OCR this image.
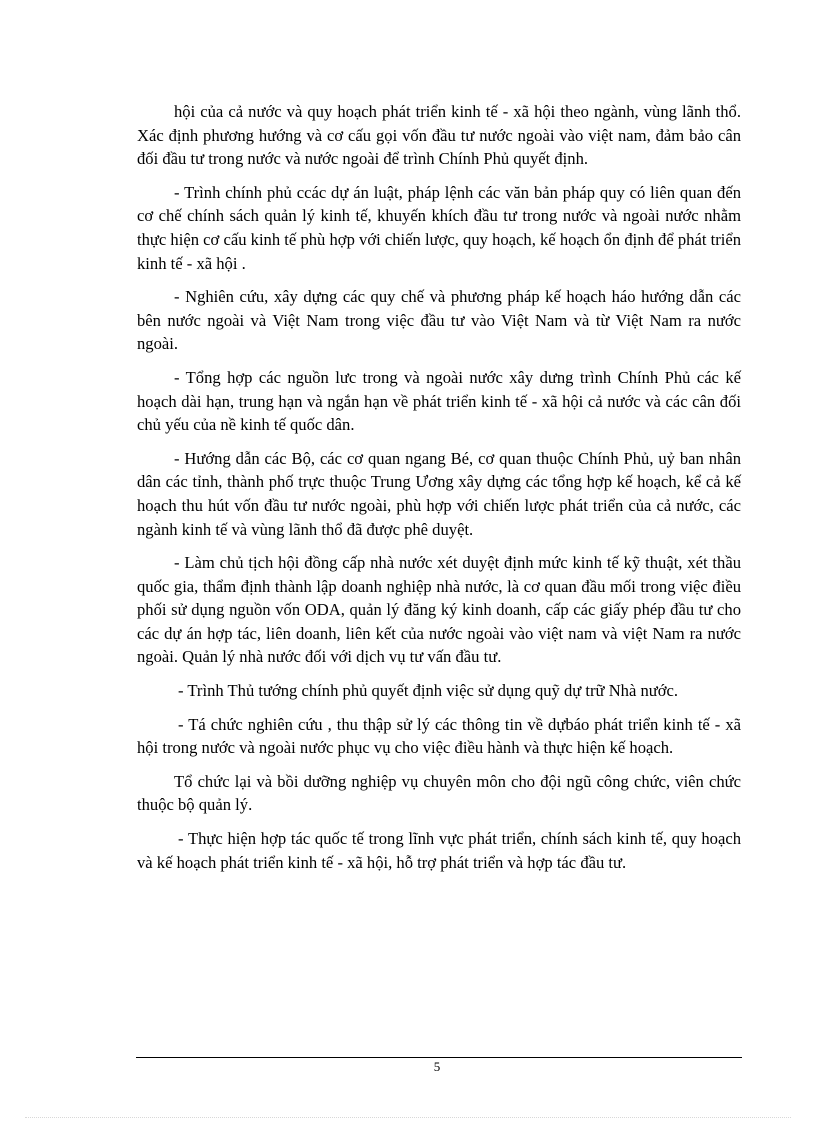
hội của cả nước và quy hoạch phát triển kinh tế - xã hội theo ngành, vùng lãnh thổ. Xác định phương hướng và cơ cấu gọi vốn đầu tư nước ngoài vào việt nam, đảm bảo cân đối đầu tư trong nước và nước ngoài để trình Chính Phủ quyết định.

- Trình chính phủ ccác dự án luật, pháp lệnh các văn bản pháp quy có liên quan đến cơ chế chính sách quản lý kinh tế, khuyến khích đầu tư trong nước và ngoài nước nhằm thực hiện cơ cấu kinh tế phù hợp với chiến lược, quy hoạch, kế hoạch ổn định để phát triển kinh tế - xã hội .

- Nghiên cứu, xây dựng các quy chế và phương pháp kế hoạch háo hướng dẫn các bên nước ngoài và Việt Nam trong việc đầu tư vào Việt Nam và từ Việt Nam ra nước ngoài.

- Tổng hợp các nguồn lưc trong và ngoài nước xây dưng trình Chính Phủ các kế hoạch dài hạn, trung hạn và ngắn hạn về phát triển kinh tế - xã hội cả nước và các cân đối chủ yếu của nề kinh tế quốc dân.

- Hướng dẫn các Bộ, các cơ quan ngang Bé, cơ quan thuộc Chính Phủ, uỷ ban nhân dân các tỉnh, thành phố trực thuộc Trung Ương xây dựng các tổng hợp kế hoạch, kể cả kế hoạch thu hút vốn đầu tư nước ngoài, phù hợp với chiến lược phát triển của cả nước, các ngành kinh tế và vùng lãnh thổ đã được phê duyệt.

- Làm chủ tịch hội đồng cấp nhà nước xét duyệt định mức kinh tế kỹ thuật, xét thầu quốc gia, thẩm định thành lập doanh nghiệp nhà nước, là cơ quan đầu mối trong việc điều phối sử dụng nguồn vốn ODA, quản lý đăng ký kinh doanh, cấp các giấy phép đầu tư cho các dự án hợp tác, liên doanh, liên kết của nước ngoài vào việt nam và việt Nam ra nước ngoài. Quản lý nhà nước đối với dịch vụ tư vấn đầu tư.

- Trình Thủ tướng chính phủ quyết định việc sử dụng quỹ dự trữ Nhà nước.

- Tá chức nghiên cứu , thu thập sử lý các thông tin về dựbáo phát triển kinh tế - xã hội trong nước và ngoài nước phục vụ cho việc điều hành và thực hiện kế hoạch.

Tổ chức lại và bồi dưỡng nghiệp vụ chuyên môn cho đội ngũ công chức, viên chức thuộc bộ quản lý.

- Thực hiện hợp tác quốc tế trong lĩnh vực phát triển, chính sách kinh tế, quy hoạch và kế hoạch phát triển kinh tế - xã hội, hỗ trợ phát triển và hợp tác đầu tư.

5
